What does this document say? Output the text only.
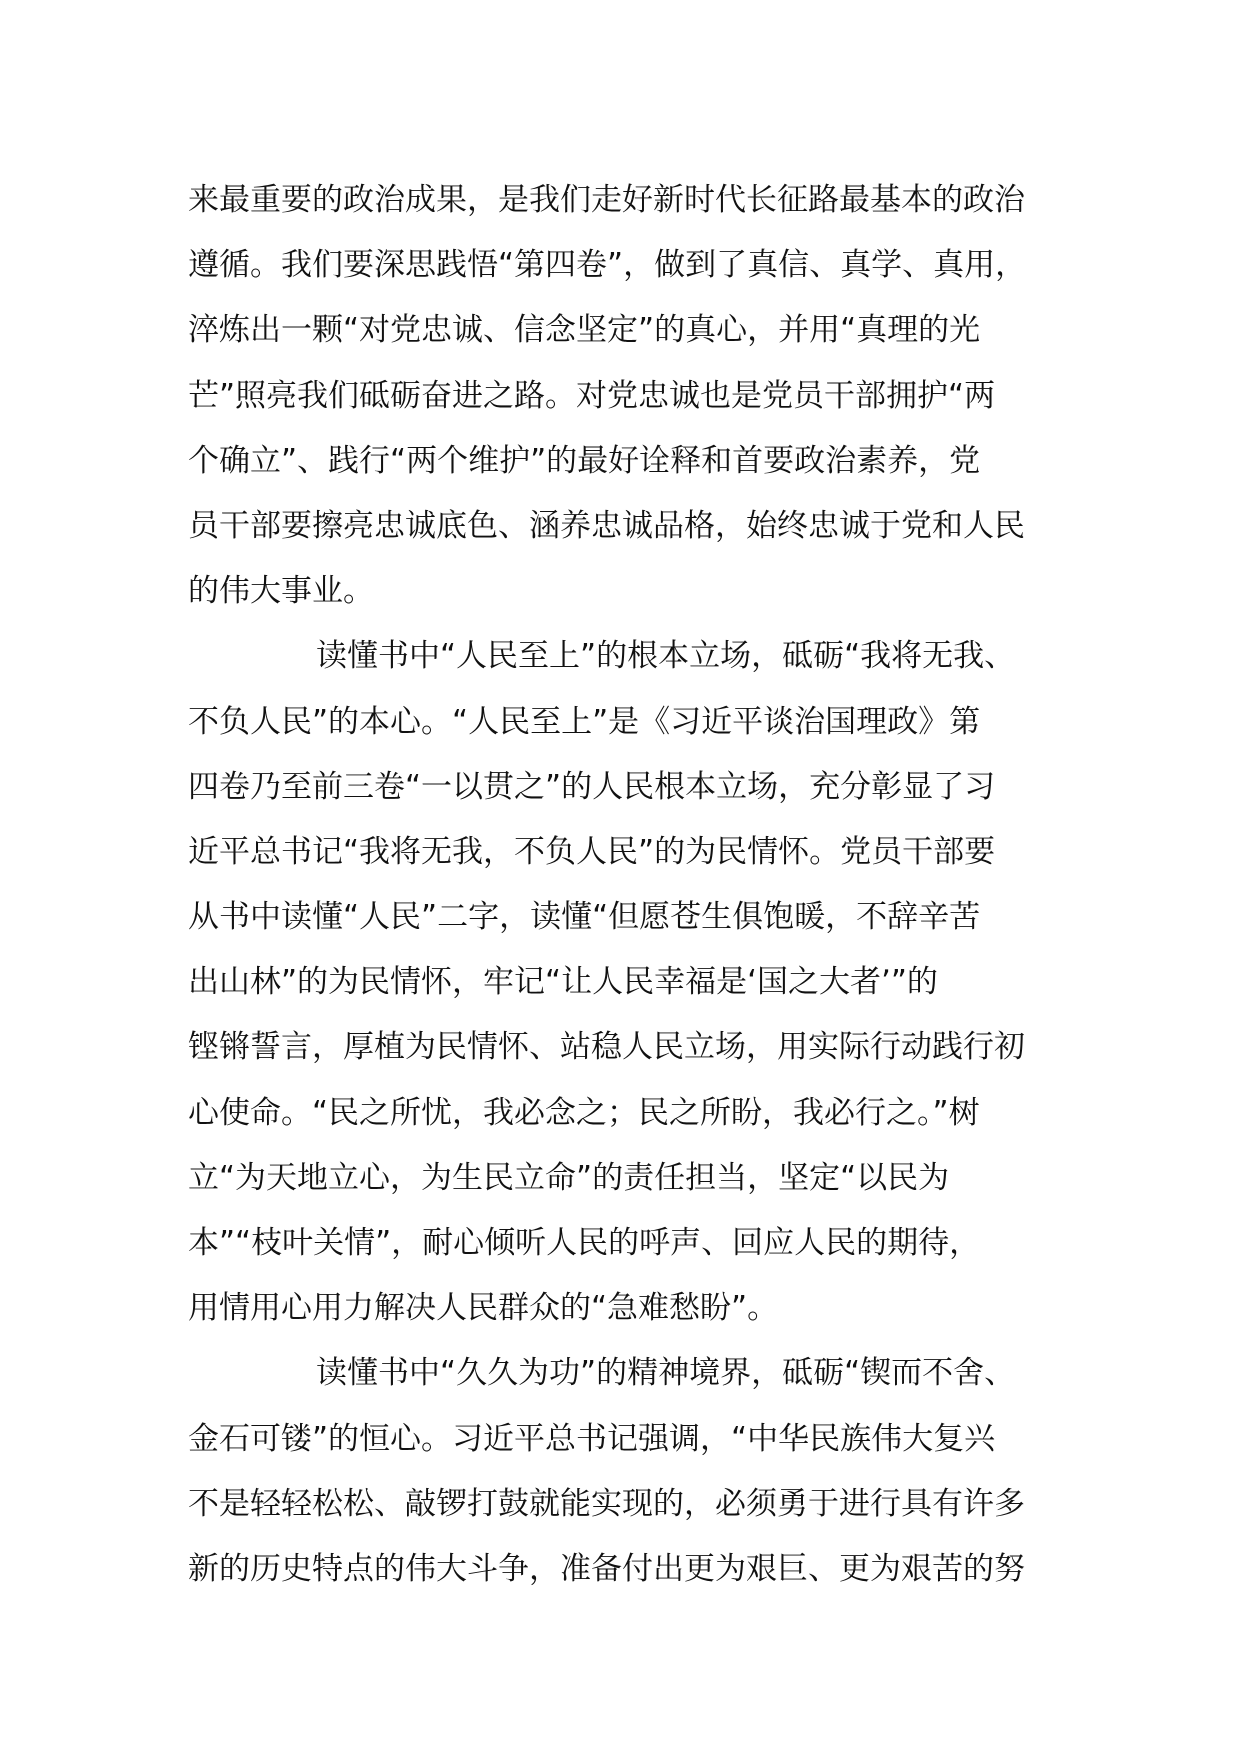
来最重要的政治成果，是我们走好新时代长征路最基本的政治
遵循。我们要深思践悟“第四卷”，做到了真信、真学、真用，
淬炼出一颗“对党忠诚、信念坚定”的真心，并用“真理的光
芒”照亮我们砥砺奋进之路。对党忠诚也是党员干部拥护“两
个确立”、践行“两个维护”的最好诠释和首要政治素养，党
员干部要擦亮忠诚底色、涵养忠诚品格，始终忠诚于党和人民
的伟大事业。
读懂书中“人民至上”的根本立场，砥砺“我将无我、
不负人民”的本心。“人民至上”是《习近平谈治国理政》第
四卷乃至前三卷“一以贯之”的人民根本立场，充分彰显了习
近平总书记“我将无我，不负人民”的为民情怀。党员干部要
从书中读懂“人民”二字，读懂“但愿苍生俱饱暖，不辞辛苦
出山林”的为民情怀，牢记“让人民幸福是‘国之大者’”的
铿锵誓言，厚植为民情怀、站稳人民立场，用实际行动践行初
心使命。“民之所忧，我必念之；民之所盼，我必行之。”树
立“为天地立心，为生民立命”的责任担当，坚定“以民为
本”“枝叶关情”，耐心倾听人民的呼声、回应人民的期待，
用情用心用力解决人民群众的“急难愁盼”。
读懂书中“久久为功”的精神境界，砥砺“锲而不舍、
金石可镂”的恒心。习近平总书记强调，“中华民族伟大复兴
不是轻轻松松、敲锣打鼓就能实现的，必须勇于进行具有许多
新的历史特点的伟大斗争，准备付出更为艰巨、更为艰苦的努
